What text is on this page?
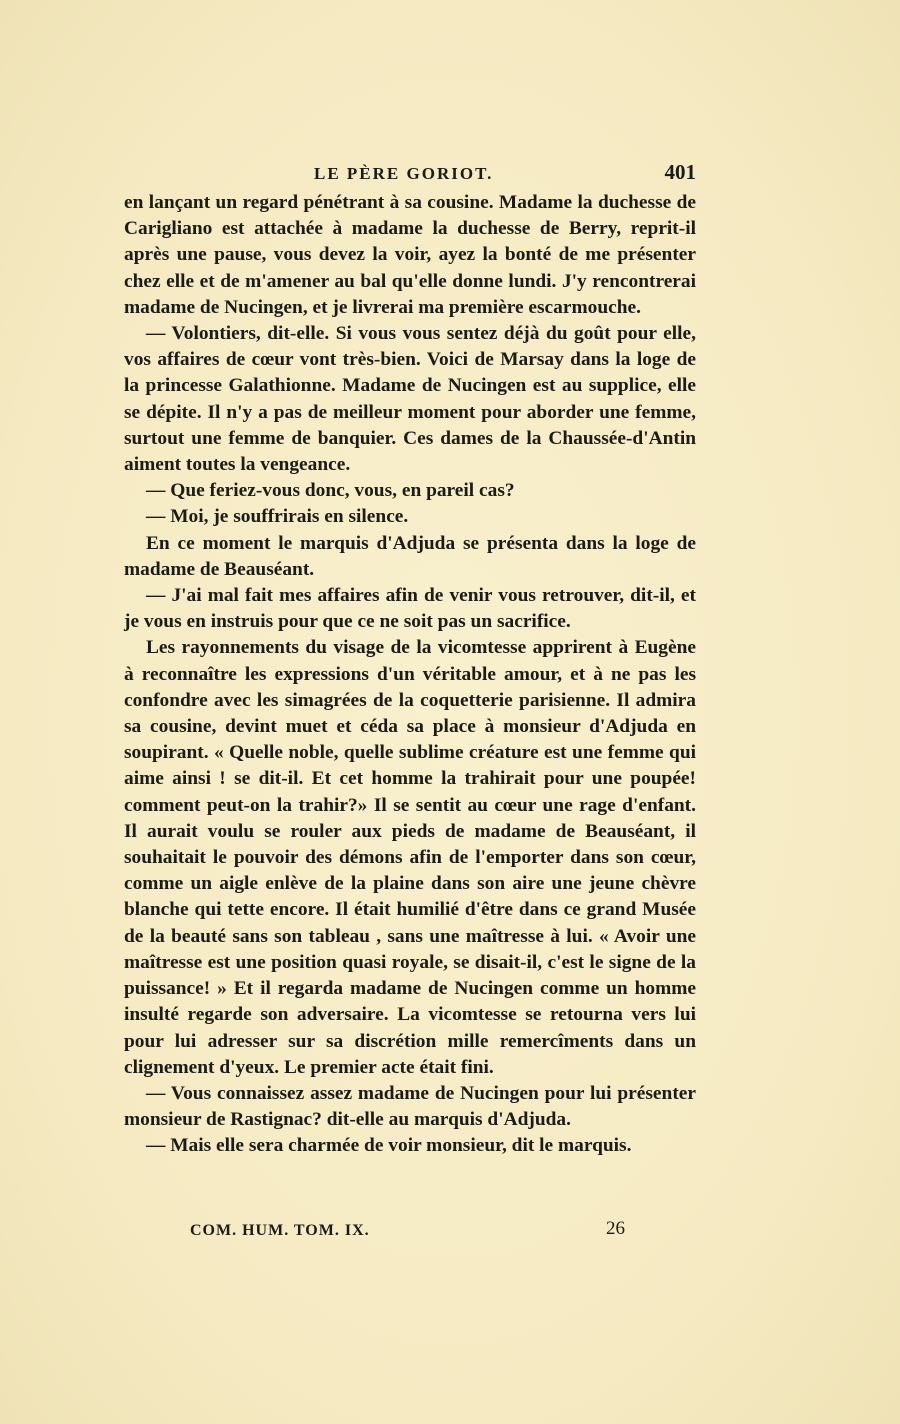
LE PÈRE GORIOT.	401

en lançant un regard pénétrant à sa cousine. Madame la duchesse de Carigliano est attachée à madame la duchesse de Berry, reprit-il après une pause, vous devez la voir, ayez la bonté de me présenter chez elle et de m'amener au bal qu'elle donne lundi. J'y rencontrerai madame de Nucingen, et je livrerai ma première escarmouche.

— Volontiers, dit-elle. Si vous vous sentez déjà du goût pour elle, vos affaires de cœur vont très-bien. Voici de Marsay dans la loge de la princesse Galathionne. Madame de Nucingen est au supplice, elle se dépite. Il n'y a pas de meilleur moment pour aborder une femme, surtout une femme de banquier. Ces dames de la Chaussée-d'Antin aiment toutes la vengeance.

— Que feriez-vous donc, vous, en pareil cas?

— Moi, je souffrirais en silence.

En ce moment le marquis d'Adjuda se présenta dans la loge de madame de Beauséant.

— J'ai mal fait mes affaires afin de venir vous retrouver, dit-il, et je vous en instruis pour que ce ne soit pas un sacrifice.

Les rayonnements du visage de la vicomtesse apprirent à Eugène à reconnaître les expressions d'un véritable amour, et à ne pas les confondre avec les simagrées de la coquetterie parisienne. Il admira sa cousine, devint muet et céda sa place à monsieur d'Adjuda en soupirant. « Quelle noble, quelle sublime créature est une femme qui aime ainsi ! se dit-il. Et cet homme la trahirait pour une poupée! comment peut-on la trahir?» Il se sentit au cœur une rage d'enfant. Il aurait voulu se rouler aux pieds de madame de Beauséant, il souhaitait le pouvoir des démons afin de l'emporter dans son cœur, comme un aigle enlève de la plaine dans son aire une jeune chèvre blanche qui tette encore. Il était humilié d'être dans ce grand Musée de la beauté sans son tableau , sans une maîtresse à lui. « Avoir une maîtresse est une position quasi royale, se disait-il, c'est le signe de la puissance! » Et il regarda madame de Nucingen comme un homme insulté regarde son adversaire. La vicomtesse se retourna vers lui pour lui adresser sur sa discrétion mille remercîments dans un clignement d'yeux. Le premier acte était fini.

— Vous connaissez assez madame de Nucingen pour lui présenter monsieur de Rastignac? dit-elle au marquis d'Adjuda.

— Mais elle sera charmée de voir monsieur, dit le marquis.

COM. HUM. TOM. IX.	26
